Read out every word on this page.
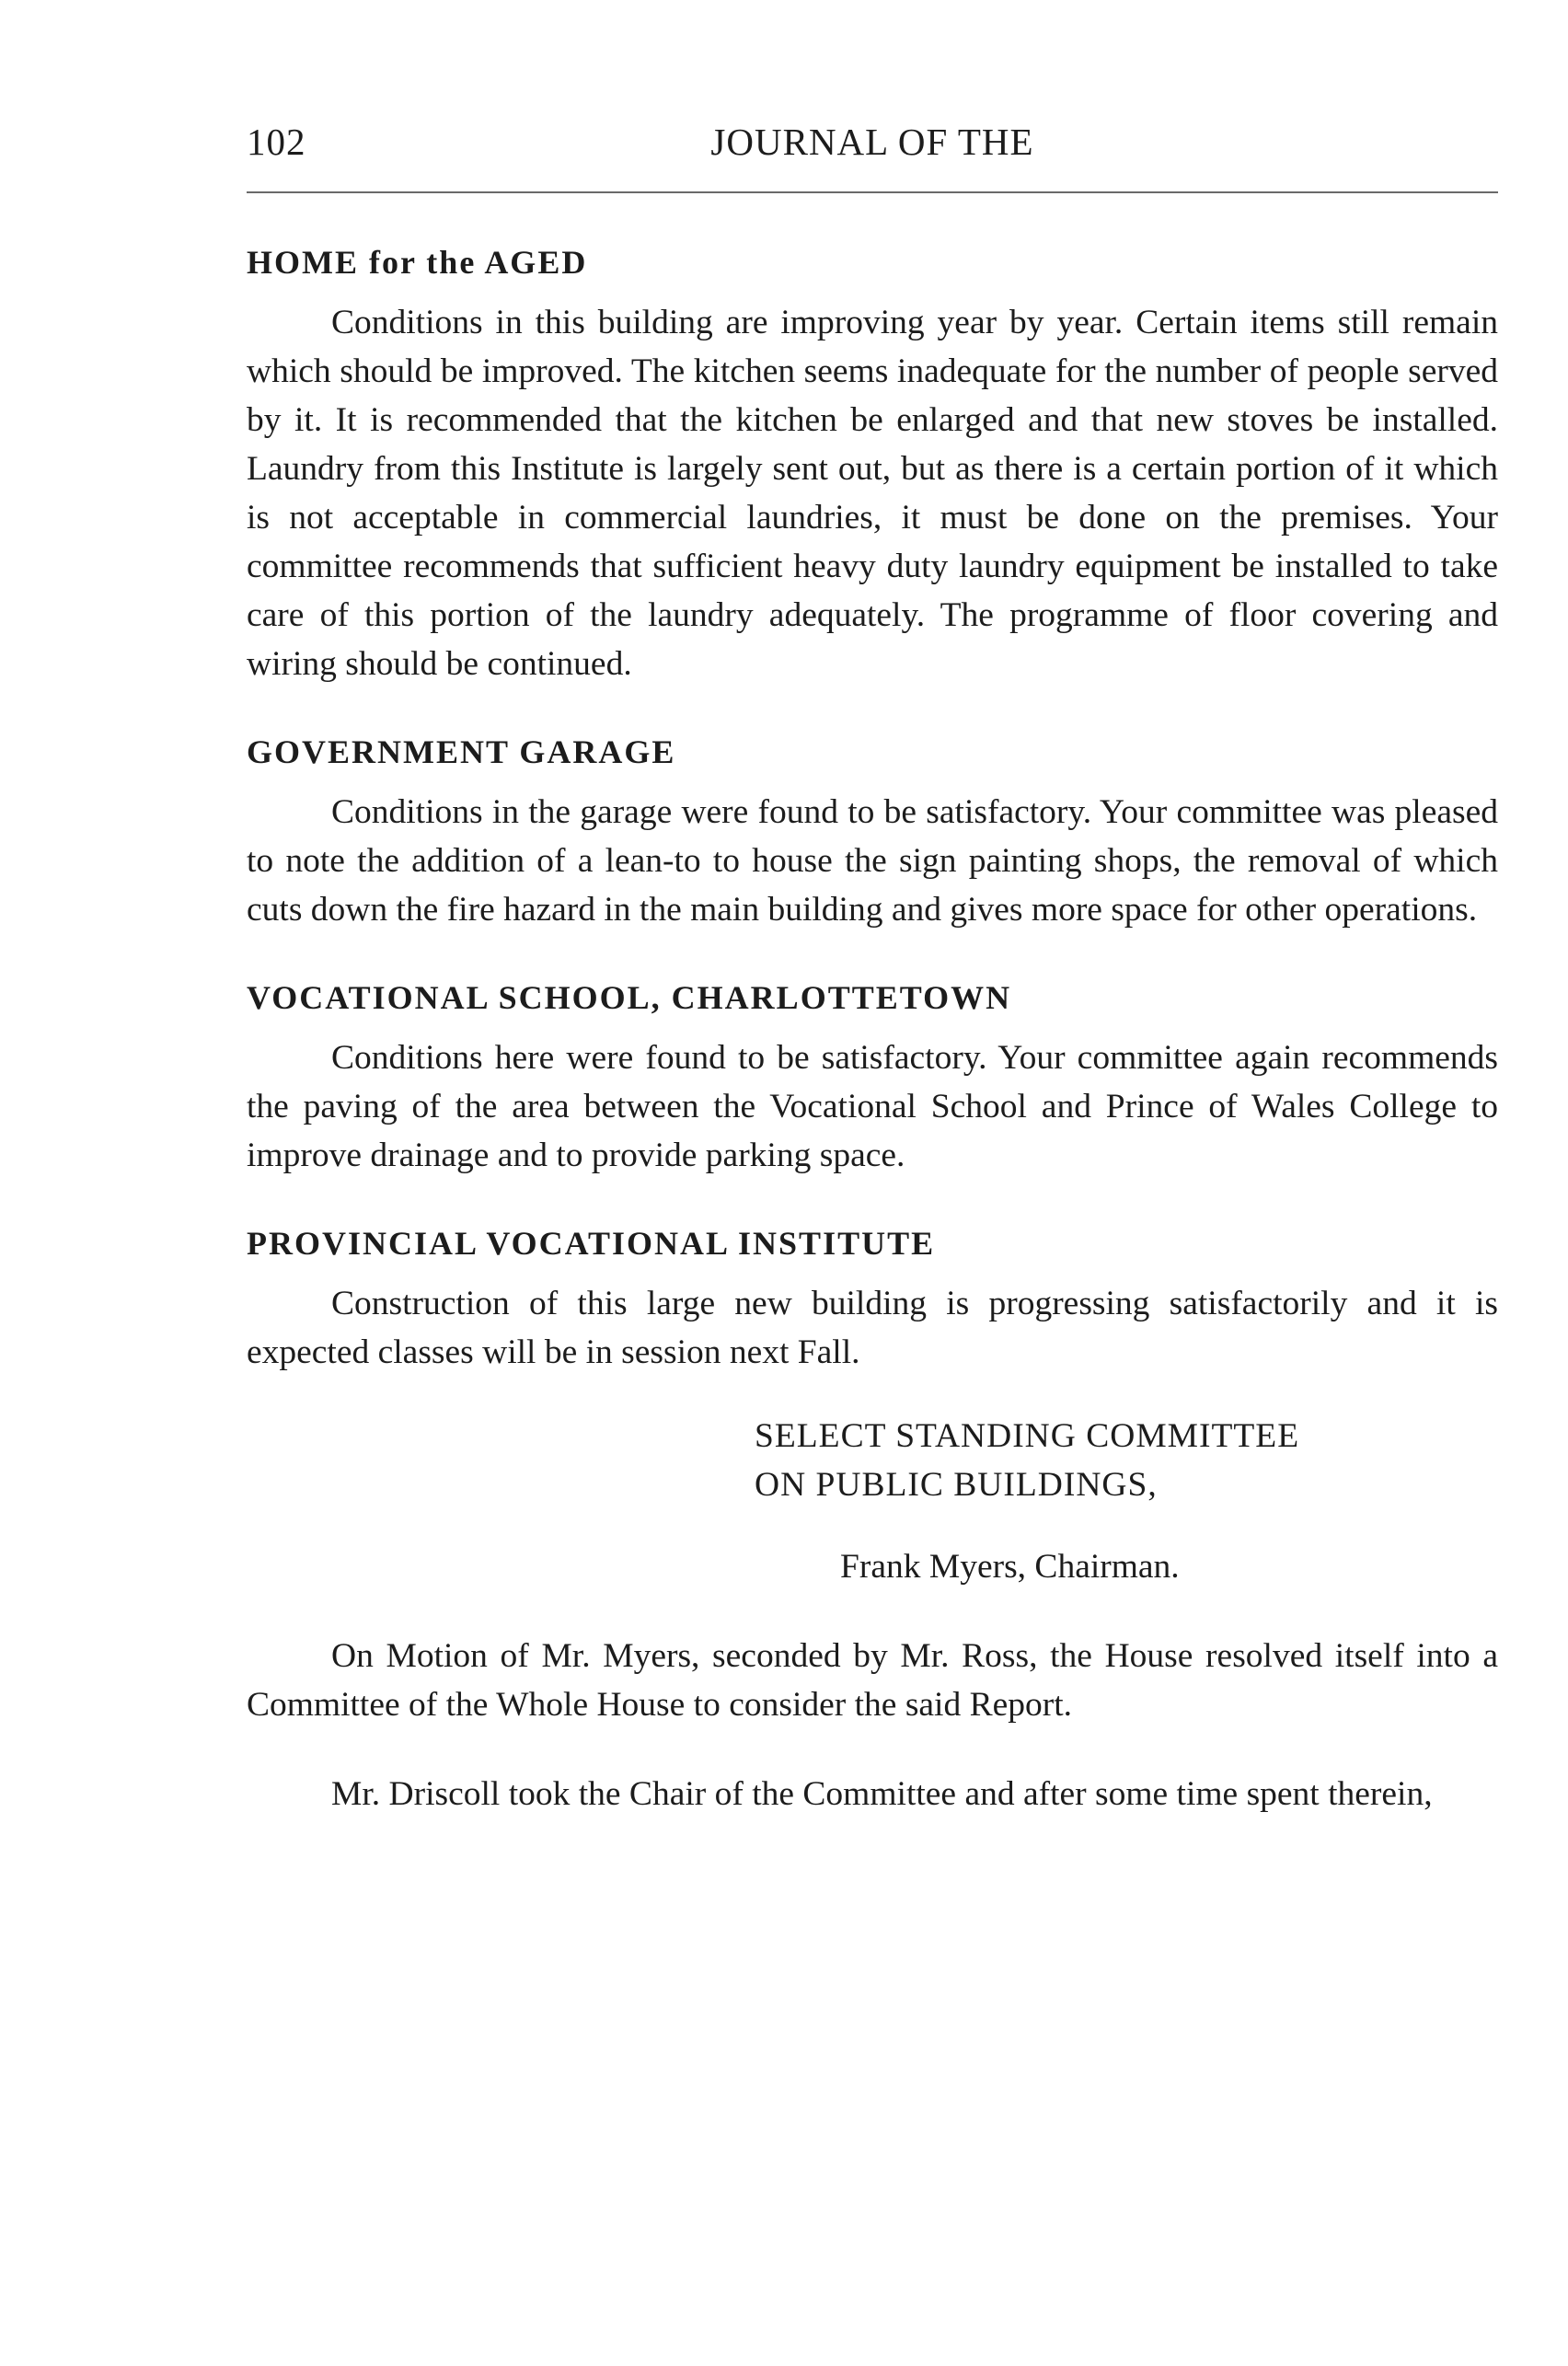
102	JOURNAL OF THE
HOME for the AGED

Conditions in this building are improving year by year. Certain items still remain which should be improved. The kitchen seems inadequate for the number of people served by it. It is recommended that the kitchen be enlarged and that new stoves be installed. Laundry from this Institute is largely sent out, but as there is a certain portion of it which is not acceptable in commercial laundries, it must be done on the premises. Your committee recommends that sufficient heavy duty laundry equipment be installed to take care of this portion of the laundry adequately. The programme of floor covering and wiring should be continued.

GOVERNMENT GARAGE

Conditions in the garage were found to be satisfactory. Your committee was pleased to note the addition of a lean-to to house the sign painting shops, the removal of which cuts down the fire hazard in the main building and gives more space for other operations.

VOCATIONAL SCHOOL, CHARLOTTETOWN

Conditions here were found to be satisfactory. Your committee again recommends the paving of the area between the Vocational School and Prince of Wales College to improve drainage and to provide parking space.

PROVINCIAL VOCATIONAL INSTITUTE

Construction of this large new building is progressing satisfactorily and it is expected classes will be in session next Fall.

SELECT STANDING COMMITTEE
ON PUBLIC BUILDINGS,
Frank Myers, Chairman.

On Motion of Mr. Myers, seconded by Mr. Ross, the House resolved itself into a Committee of the Whole House to consider the said Report.

Mr. Driscoll took the Chair of the Committee and after some time spent therein,
